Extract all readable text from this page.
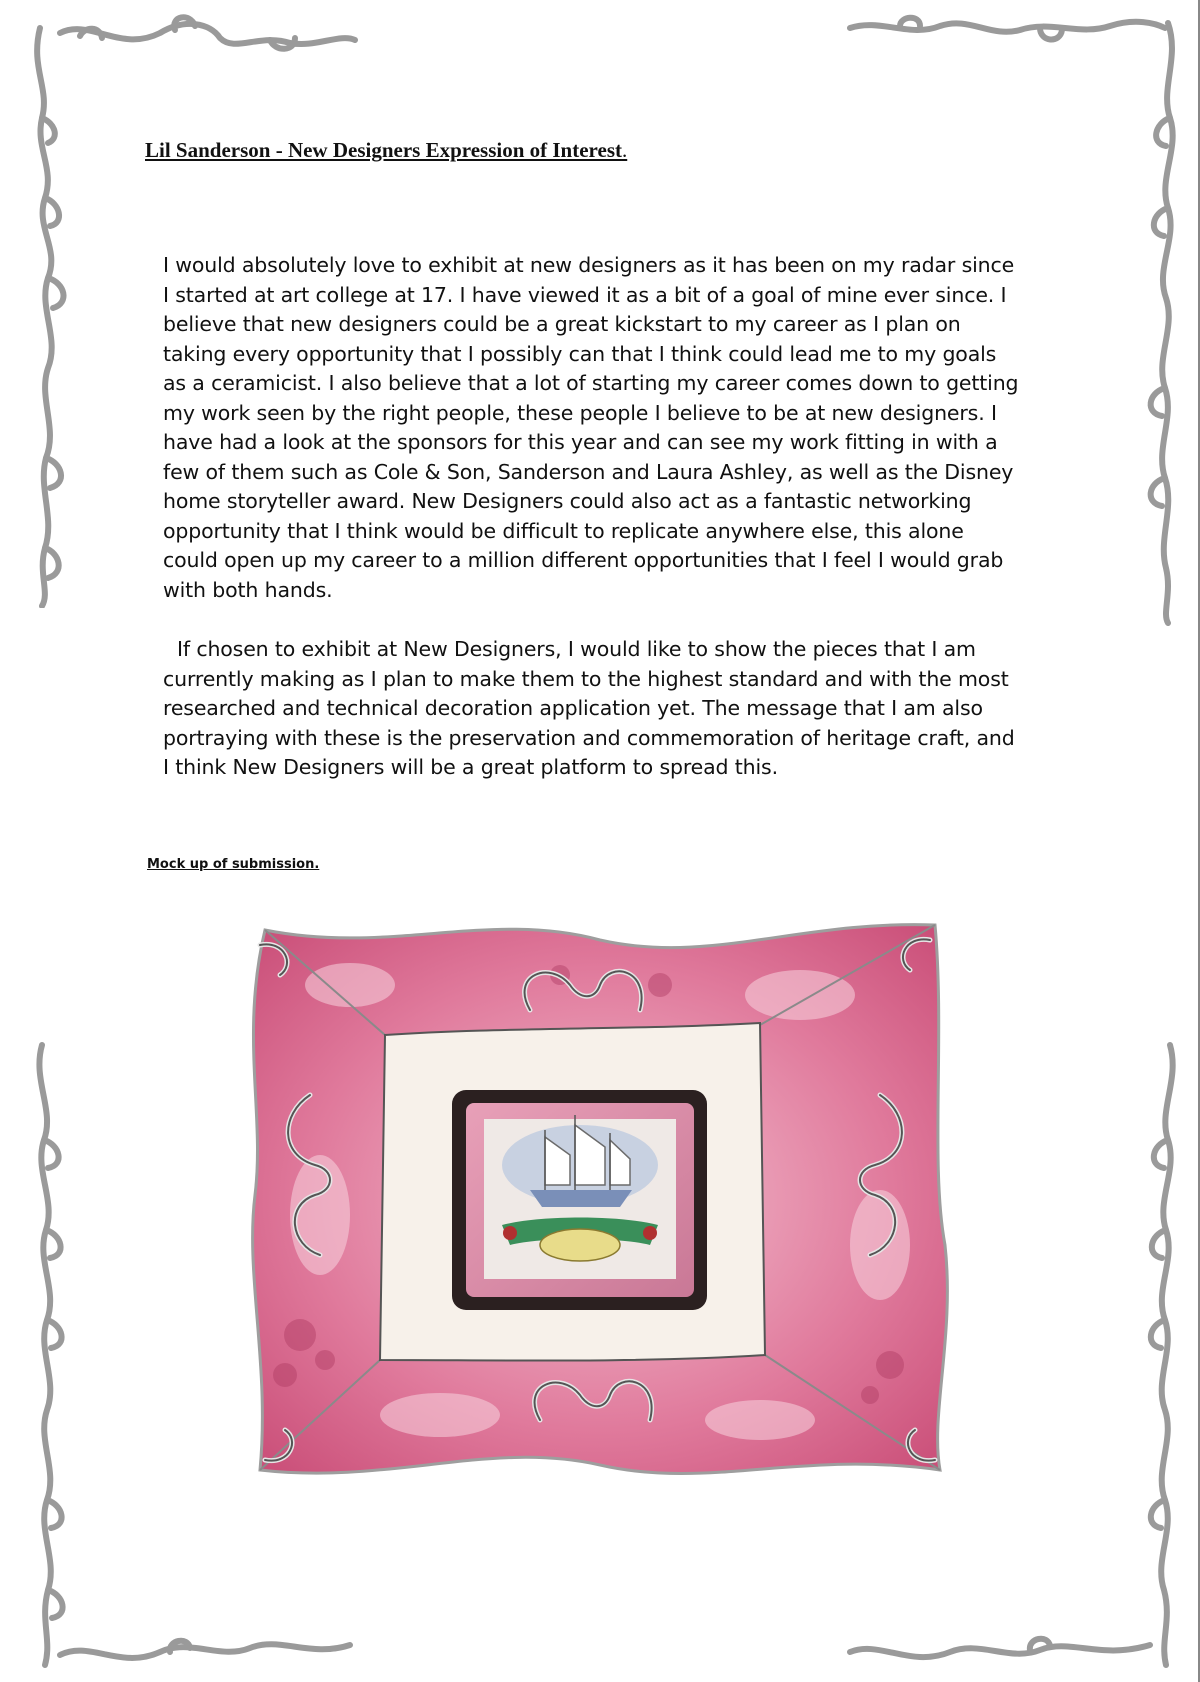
Lil Sanderson - New Designers Expression of Interest.
I would absolutely love to exhibit at new designers as it has been on my radar since I started at art college at 17. I have viewed it as a bit of a goal of mine ever since. I believe that new designers could be a great kickstart to my career as I plan on taking every opportunity that I possibly can that I think could lead me to my goals as a ceramicist. I also believe that a lot of starting my career comes down to getting my work seen by the right people, these people I believe to be at new designers. I have had a look at the sponsors for this year and can see my work fitting in with a few of them such as Cole & Son, Sanderson and Laura Ashley, as well as the Disney home storyteller award. New Designers could also act as a fantastic networking opportunity that I think would be difficult to replicate anywhere else, this alone could open up my career to a million different opportunities that I feel I would grab with both hands.
If chosen to exhibit at New Designers, I would like to show the pieces that I am currently making as I plan to make them to the highest standard and with the most researched and technical decoration application yet. The message that I am also portraying with these is the preservation and commemoration of heritage craft, and I think New Designers will be a great platform to spread this.
Mock up of submission.
